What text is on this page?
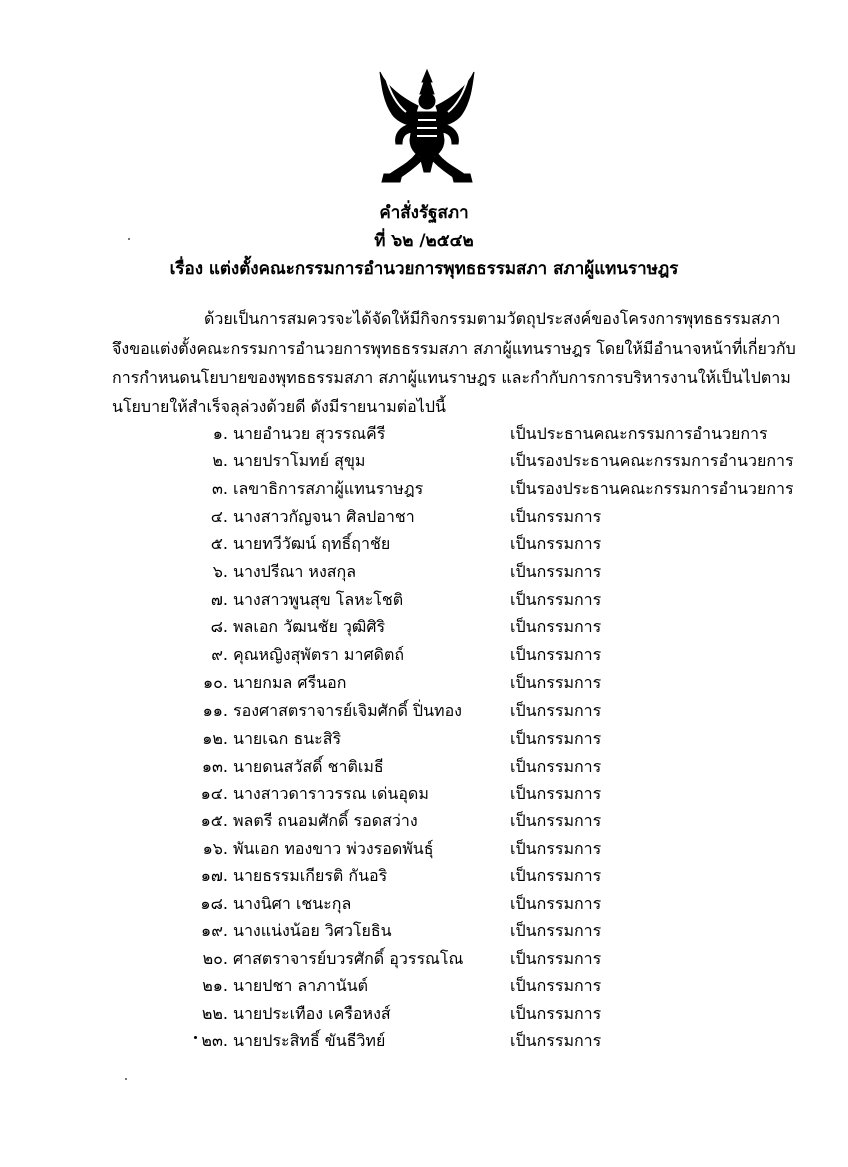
คำสั่งรัฐสภา
ที่ ๖๒ /๒๕๔๒
เรื่อง แต่งตั้งคณะกรรมการอำนวยการพุทธธรรมสภา สภาผู้แทนราษฎร
ด้วยเป็นการสมควรจะได้จัดให้มีกิจกรรมตามวัตถุประสงค์ของโครงการพุทธธรรมสภา
จึงขอแต่งตั้งคณะกรรมการอำนวยการพุทธธรรมสภา สภาผู้แทนราษฎร โดยให้มีอำนาจหน้าที่เกี่ยวกับ
การกำหนดนโยบายของพุทธธรรมสภา สภาผู้แทนราษฎร และกำกับการการบริหารงานให้เป็นไปตาม
นโยบายให้สำเร็จลุล่วงด้วยดี ดังมีรายนามต่อไปนี้
๑. นายอำนวย สุวรรณคีรี	เป็นประธานคณะกรรมการอำนวยการ
๒. นายปราโมทย์ สุขุม	เป็นรองประธานคณะกรรมการอำนวยการ
๓. เลขาธิการสภาผู้แทนราษฎร	เป็นรองประธานคณะกรรมการอำนวยการ
๔. นางสาวกัญจนา ศิลปอาชา	เป็นกรรมการ
๕. นายทวีวัฒน์ ฤทธิ์ฤาชัย	เป็นกรรมการ
๖. นางปรีณา หงสกุล	เป็นกรรมการ
๗. นางสาวพูนสุข โลหะโชติ	เป็นกรรมการ
๘. พลเอก วัฒนชัย วุฒิศิริ	เป็นกรรมการ
๙. คุณหญิงสุพัตรา มาศดิตถ์	เป็นกรรมการ
๑๐. นายกมล ศรีนอก	เป็นกรรมการ
๑๑. รองศาสตราจารย์เจิมศักดิ์ ปิ่นทอง	เป็นกรรมการ
๑๒. นายเฉก ธนะสิริ	เป็นกรรมการ
๑๓. นายดนสวัสดิ์ ชาติเมธี	เป็นกรรมการ
๑๔. นางสาวดาราวรรณ เด่นอุดม	เป็นกรรมการ
๑๕. พลตรี ถนอมศักดิ์ รอดสว่าง	เป็นกรรมการ
๑๖. พันเอก ทองขาว พ่วงรอดพันธุ์	เป็นกรรมการ
๑๗. นายธรรมเกียรติ กันอริ	เป็นกรรมการ
๑๘. นางนิศา เชนะกุล	เป็นกรรมการ
๑๙. นางแน่งน้อย วิศวโยธิน	เป็นกรรมการ
๒๐. ศาสตราจารย์บวรศักดิ์ อุวรรณโณ	เป็นกรรมการ
๒๑. นายปชา ลาภานันต์	เป็นกรรมการ
๒๒. นายประเทือง เครือหงส์	เป็นกรรมการ
๒๓. นายประสิทธิ์ ขันธีวิทย์	เป็นกรรมการ
